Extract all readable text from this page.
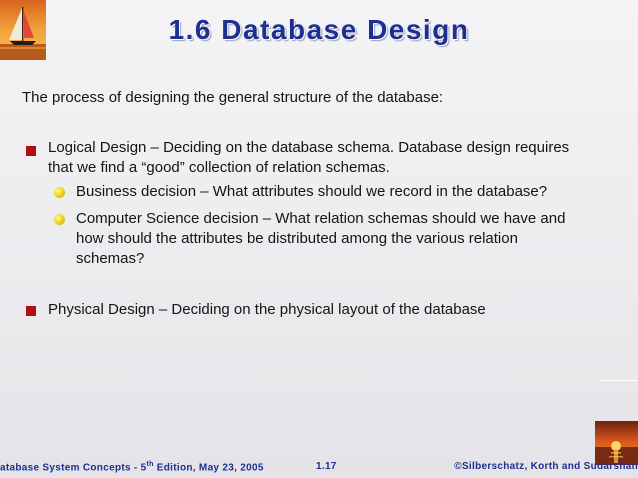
1.6 Database Design
The process of designing the general structure of the database:
Logical Design – Deciding on the database schema. Database design requires
that we find a “good” collection of relation schemas.
Business decision – What attributes should we record in the database?
Computer Science decision – What relation schemas should we have and
how should the attributes be distributed among the various relation
schemas?
Physical Design – Deciding on the physical layout of the database
atabase System Concepts - 5th Edition, May 23, 2005	1.17	©Silberschatz, Korth and Sudarshan
